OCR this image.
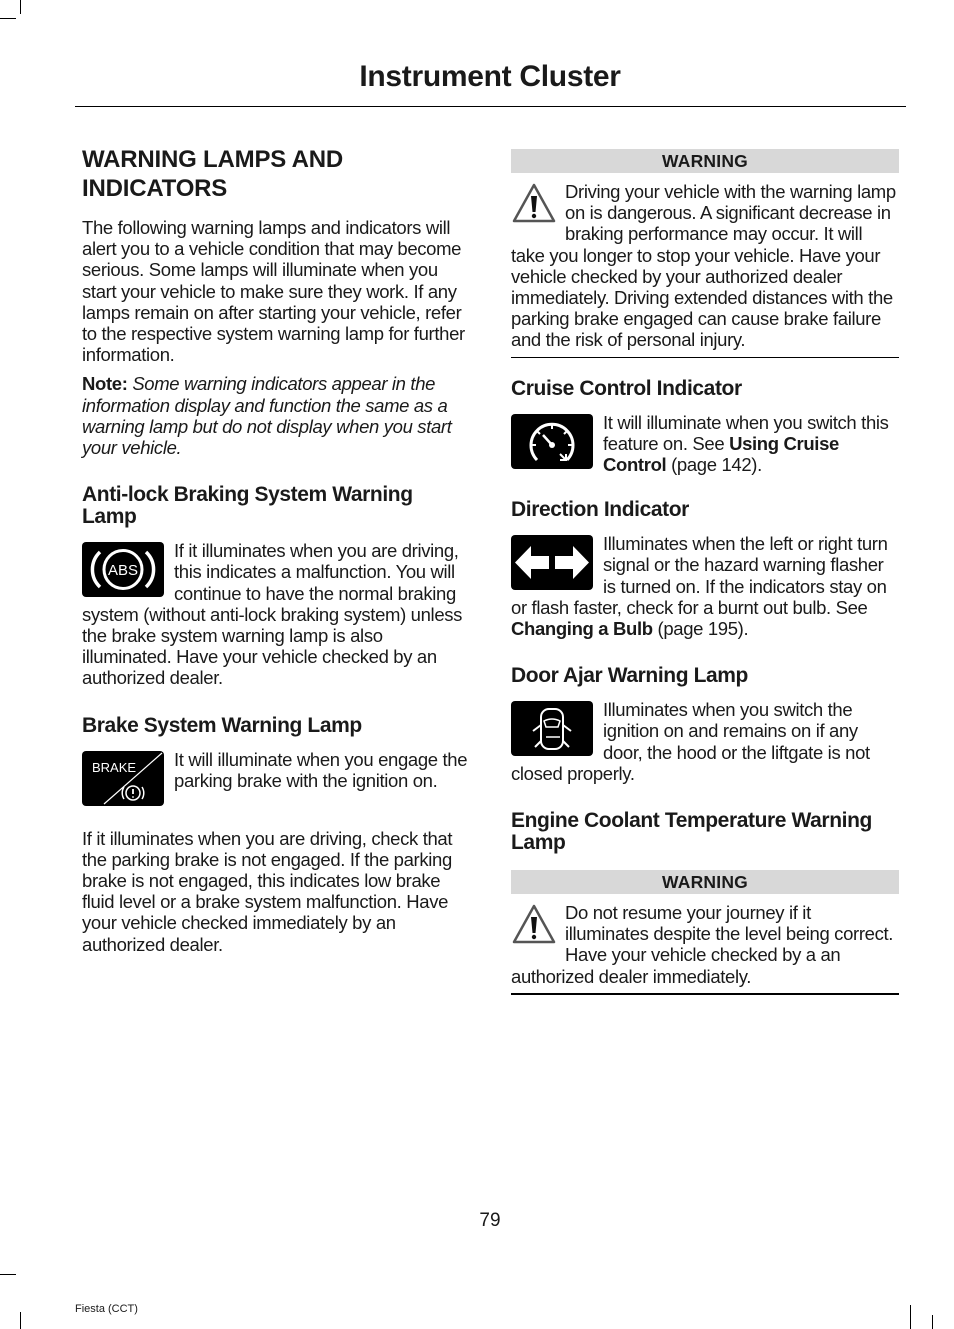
Instrument Cluster
WARNING LAMPS AND INDICATORS

The following warning lamps and indicators will alert you to a vehicle condition that may become serious. Some lamps will illuminate when you start your vehicle to make sure they work. If any lamps remain on after starting your vehicle, refer to the respective system warning lamp for further information.

Note: Some warning indicators appear in the information display and function the same as a warning lamp but do not display when you start your vehicle.

Anti-lock Braking System Warning Lamp
ABS

If it illuminates when you are driving, this indicates a malfunction. You will continue to have the normal braking system (without anti-lock braking system) unless the brake system warning lamp is also illuminated. Have your vehicle checked by an authorized dealer.

Brake System Warning Lamp
BRAKE	It will illuminate when you engage the parking brake with the ignition on.

If it illuminates when you are driving, check that the parking brake is not engaged. If the parking brake is not engaged, this indicates low brake fluid level or a brake system malfunction. Have your vehicle checked immediately by an authorized dealer.

WARNING

Driving your vehicle with the warning lamp on is dangerous. A significant decrease in braking performance may occur. It will take you longer to stop your vehicle. Have your vehicle checked by your authorized dealer immediately. Driving extended distances with the parking brake engaged can cause brake failure and the risk of personal injury.

Cruise Control Indicator

It will illuminate when you switch this feature on. See Using Cruise Control (page 142).

Direction Indicator

Illuminates when the left or right turn signal or the hazard warning flasher is turned on. If the indicators stay on or flash faster, check for a burnt out bulb. See Changing a Bulb (page 195).

Door Ajar Warning Lamp

Illuminates when you switch the ignition on and remains on if any door, the hood or the liftgate is not closed properly.

Engine Coolant Temperature Warning Lamp
WARNING

Do not resume your journey if it illuminates despite the level being correct. Have your vehicle checked by a an authorized dealer immediately.

79
Fiesta (CCT)
